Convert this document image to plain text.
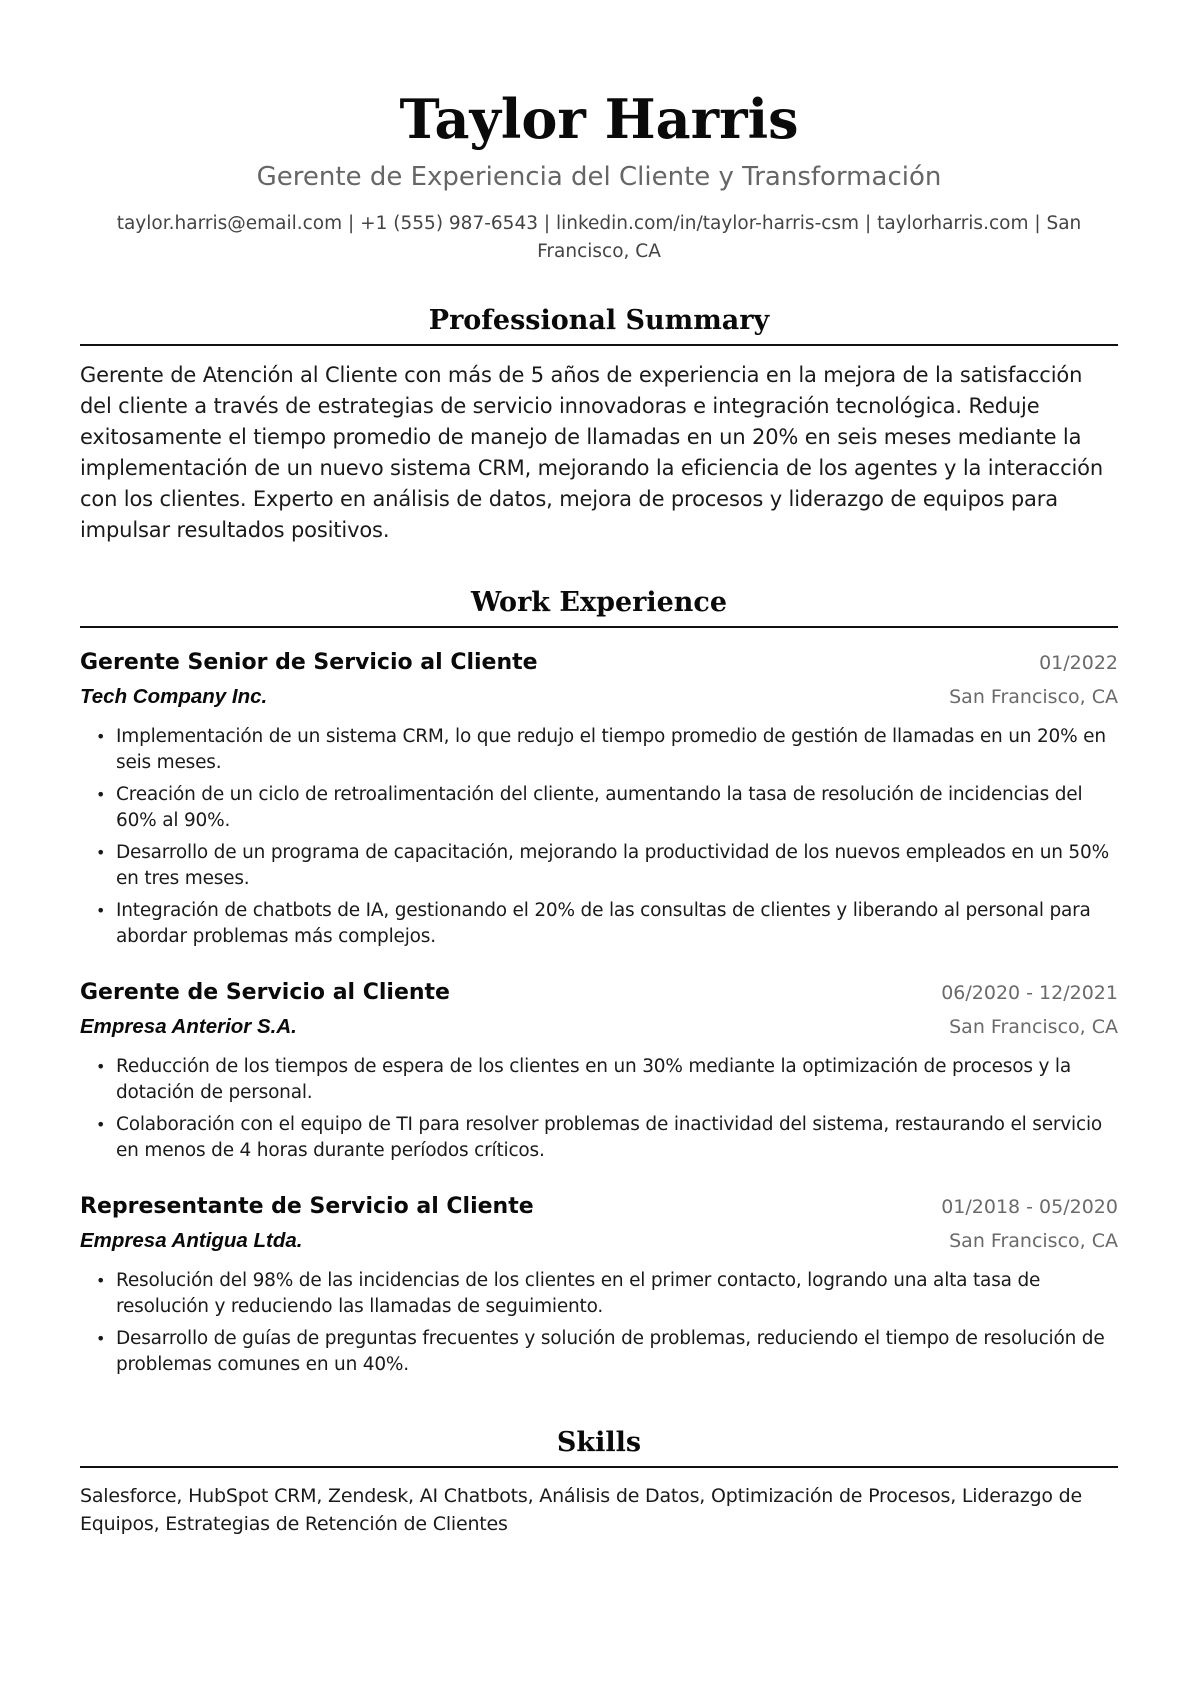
Taylor Harris
Gerente de Experiencia del Cliente y Transformación
taylor.harris@email.com | +1 (555) 987-6543 | linkedin.com/in/taylor-harris-csm | taylorharris.com | San Francisco, CA
Professional Summary
Gerente de Atención al Cliente con más de 5 años de experiencia en la mejora de la satisfacción del cliente a través de estrategias de servicio innovadoras e integración tecnológica. Reduje exitosamente el tiempo promedio de manejo de llamadas en un 20% en seis meses mediante la implementación de un nuevo sistema CRM, mejorando la eficiencia de los agentes y la interacción con los clientes. Experto en análisis de datos, mejora de procesos y liderazgo de equipos para impulsar resultados positivos.
Work Experience
Gerente Senior de Servicio al Cliente	01/2022
Tech Company Inc.	San Francisco, CA
• Implementación de un sistema CRM, lo que redujo el tiempo promedio de gestión de llamadas en un 20% en seis meses.
• Creación de un ciclo de retroalimentación del cliente, aumentando la tasa de resolución de incidencias del 60% al 90%.
• Desarrollo de un programa de capacitación, mejorando la productividad de los nuevos empleados en un 50% en tres meses.
• Integración de chatbots de IA, gestionando el 20% de las consultas de clientes y liberando al personal para abordar problemas más complejos.
Gerente de Servicio al Cliente	06/2020 - 12/2021
Empresa Anterior S.A.	San Francisco, CA
• Reducción de los tiempos de espera de los clientes en un 30% mediante la optimización de procesos y la dotación de personal.
• Colaboración con el equipo de TI para resolver problemas de inactividad del sistema, restaurando el servicio en menos de 4 horas durante períodos críticos.
Representante de Servicio al Cliente	01/2018 - 05/2020
Empresa Antigua Ltda.	San Francisco, CA
• Resolución del 98% de las incidencias de los clientes en el primer contacto, logrando una alta tasa de resolución y reduciendo las llamadas de seguimiento.
• Desarrollo de guías de preguntas frecuentes y solución de problemas, reduciendo el tiempo de resolución de problemas comunes en un 40%.
Skills
Salesforce, HubSpot CRM, Zendesk, AI Chatbots, Análisis de Datos, Optimización de Procesos, Liderazgo de Equipos, Estrategias de Retención de Clientes
